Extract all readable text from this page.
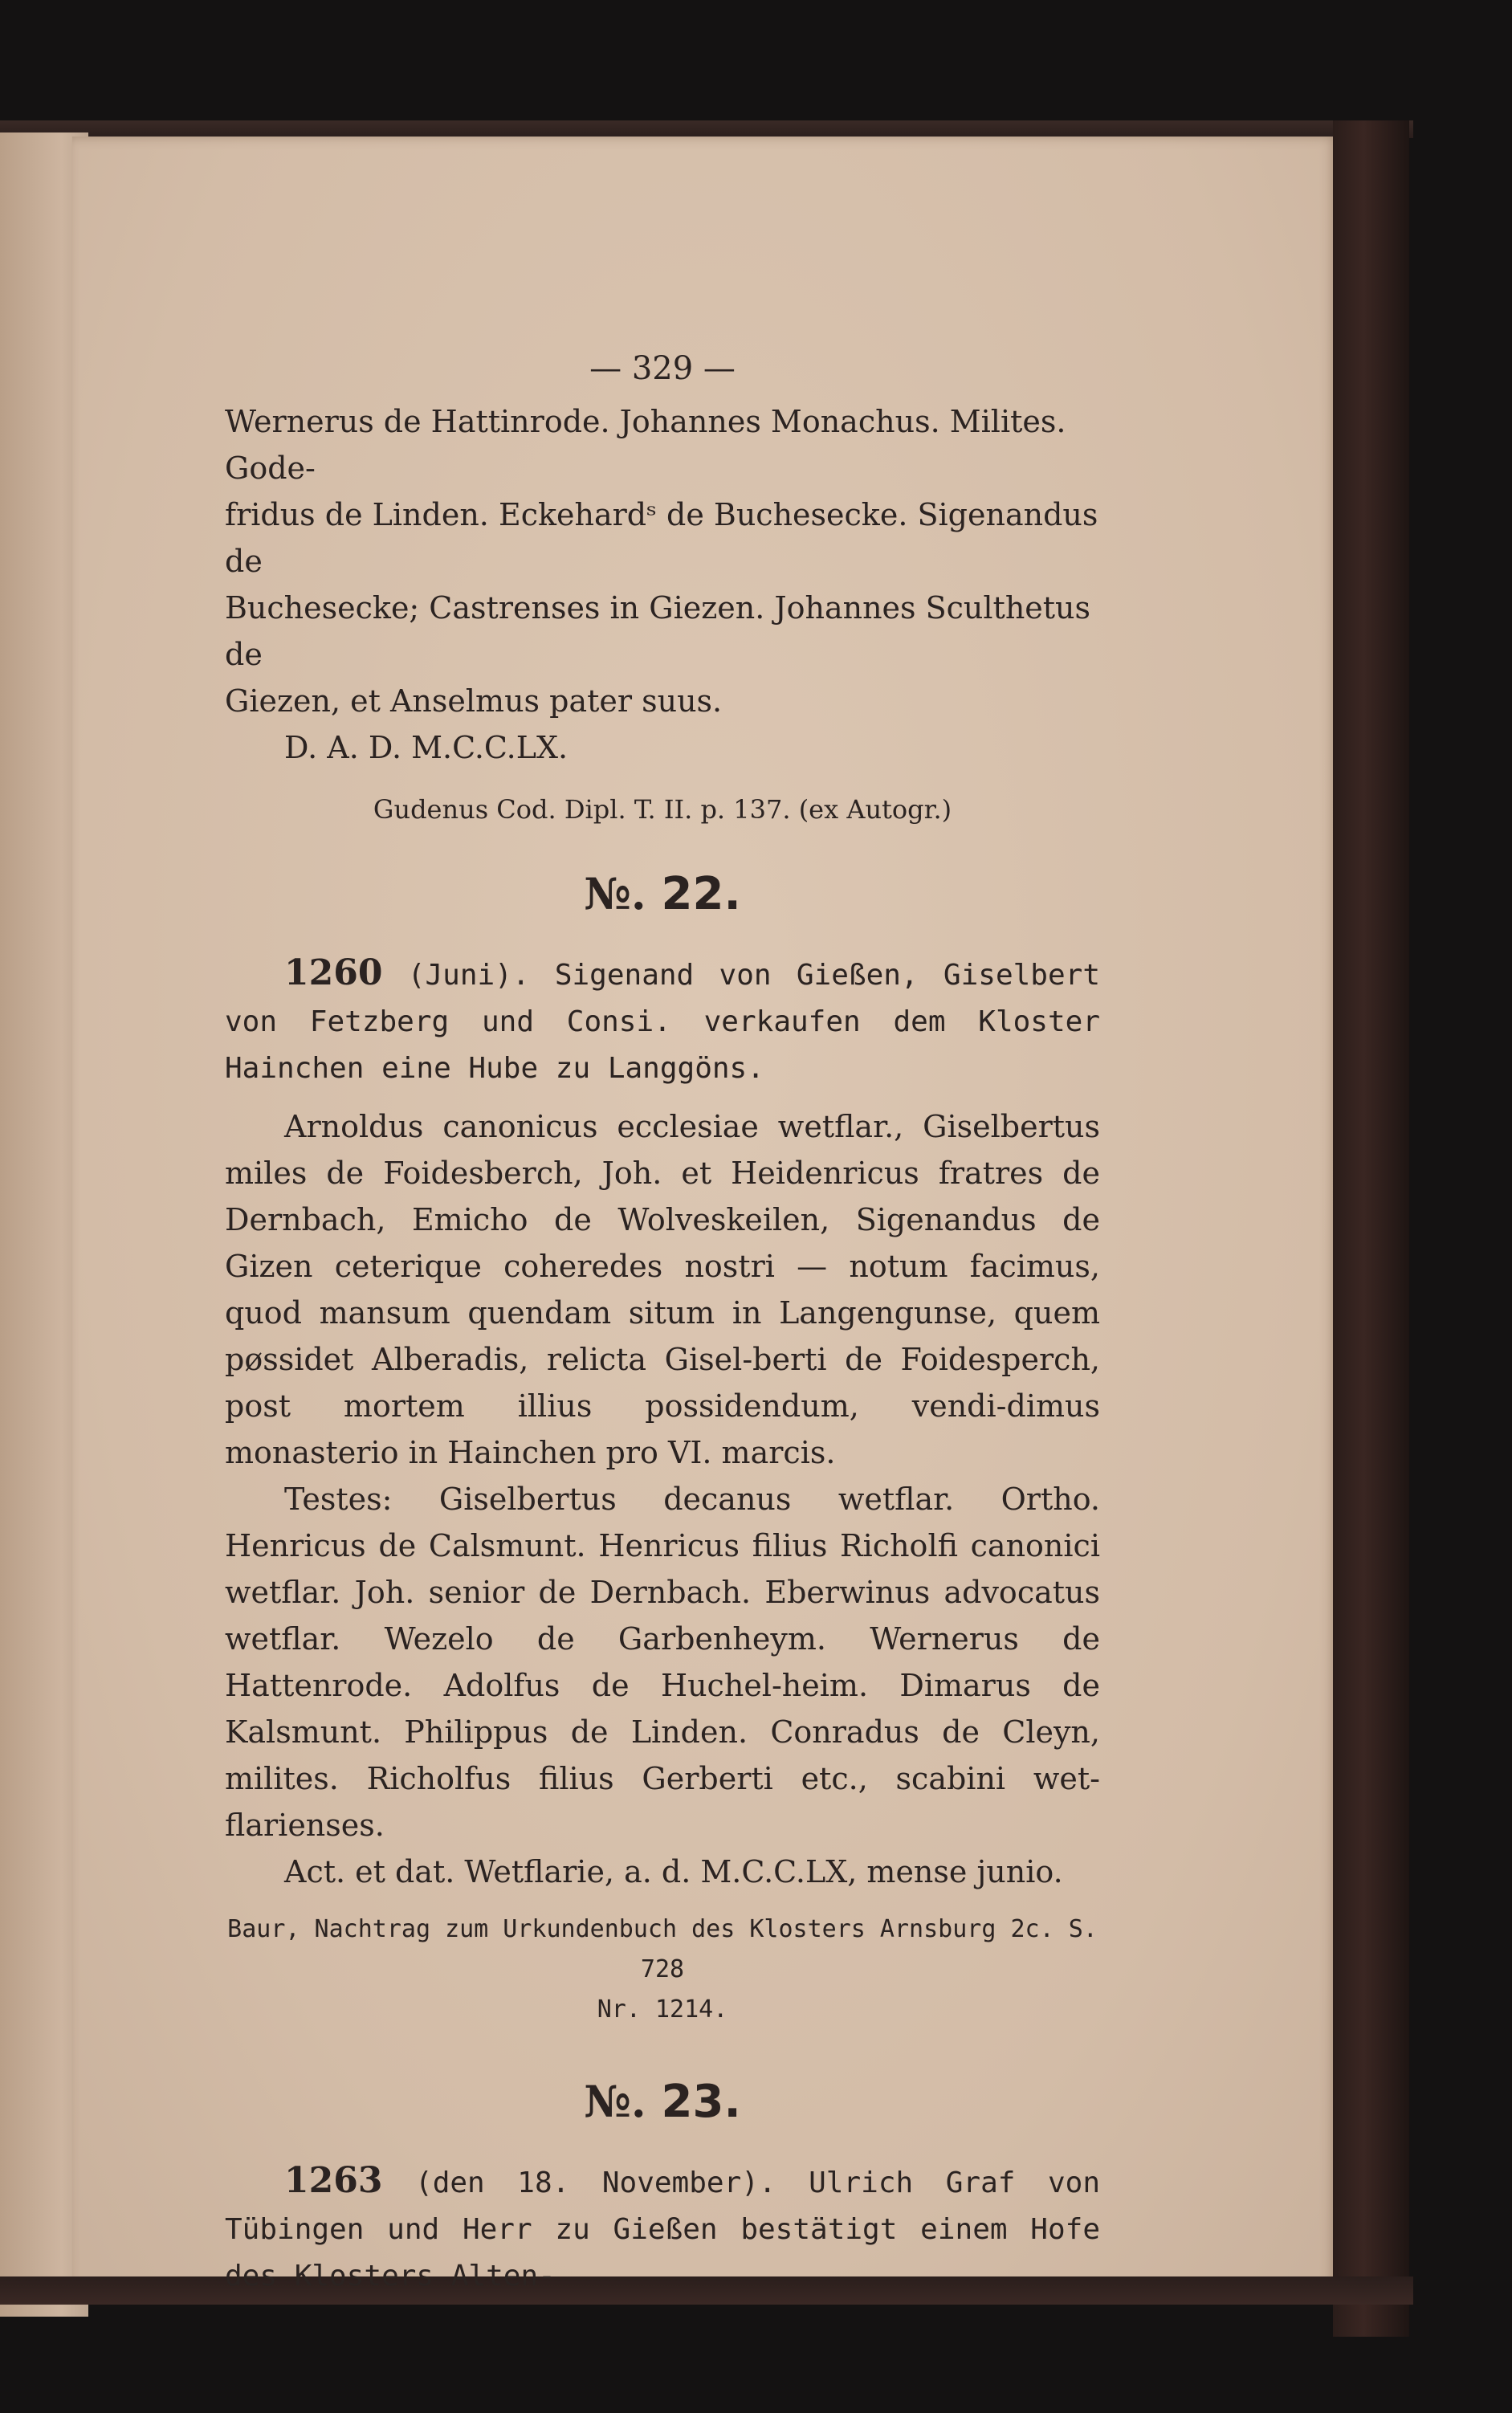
— 329 —

Wernerus de Hattinrode. Johannes Monachus. Milites. Gode-

fridus de Linden. Eckehardˢ de Buchesecke. Sigenandus de

Buchesecke; Castrenses in Giezen. Johannes Sculthetus de

Giezen, et Anselmus pater suus.

D. A. D. M.C.C.LX.

Gudenus Cod. Dipl. T. II. p. 137. (ex Autogr.)
№. 22.

1260 (Juni). Sigenand von Gießen, Giselbert von Fetzberg und Consi. verkaufen dem Kloster Hainchen eine Hube zu Langgöns.

Arnoldus canonicus ecclesiae wetflar., Giselbertus miles de Foidesberch, Joh. et Heidenricus fratres de Dernbach, Emicho de Wolveskeilen, Sigenandus de Gizen ceterique coheredes nostri — notum facimus, quod mansum quendam situm in Langengunse, quem pøssidet Alberadis, relicta Gisel-berti de Foidesperch, post mortem illius possidendum, vendi-dimus monasterio in Hainchen pro VI. marcis.

Testes: Giselbertus decanus wetflar. Ortho. Henricus de Calsmunt. Henricus filius Richolfi canonici wetflar. Joh. senior de Dernbach. Eberwinus advocatus wetflar. Wezelo de Garbenheym. Wernerus de Hattenrode. Adolfus de Huchel-heim. Dimarus de Kalsmunt. Philippus de Linden. Conradus de Cleyn, milites. Richolfus filius Gerberti etc., scabini wet-flarienses.

Act. et dat. Wetflarie, a. d. M.C.C.LX, mense junio.

Baur, Nachtrag zum Urkundenbuch des Klosters Arnsburg 2c. S. 728
Nr. 1214.
№. 23.

1263 (den 18. November). Ulrich Graf von Tübingen und Herr zu Gießen bestätigt einem Hofe des Klosters Alten-
